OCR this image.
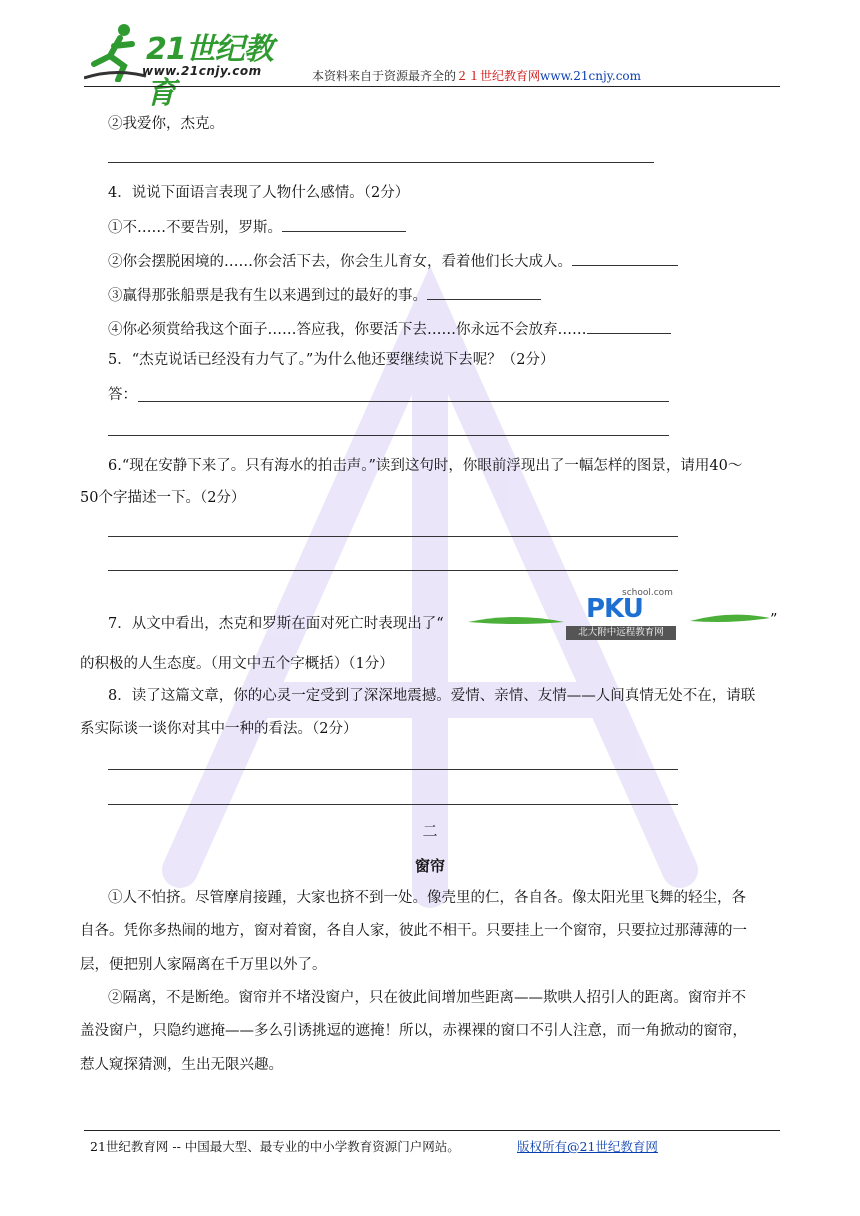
21世纪教育
www.21cnjy.com	本资料来自于资源最齐全的２１世纪教育网www.21cnjy.com
②我爱你，杰克。
4．说说下面语言表现了人物什么感情。（2分）
①不……不要告别，罗斯。
②你会摆脱困境的……你会活下去，你会生儿育女，看着他们长大成人。
③赢得那张船票是我有生以来遇到过的最好的事。
④你必须赏给我这个面子……答应我，你要活下去……你永远不会放弃……
5．“杰克说话已经没有力气了。”为什么他还要继续说下去呢？（2分）
答：
6.“现在安静下来了。只有海水的拍击声。”读到这句时，你眼前浮现出了一幅怎样的图景，请用40～
50个字描述一下。（2分）
7．从文中看出，杰克和罗斯在面对死亡时表现出了“
school.com
PKU
北大附中远程教育网
”
的积极的人生态度。（用文中五个字概括）（1分）
8．读了这篇文章，你的心灵一定受到了深深地震撼。爱情、亲情、友情——人间真情无处不在，请联
系实际谈一谈你对其中一种的看法。（2分）
二
窗帘
①人不怕挤。尽管摩肩接踵，大家也挤不到一处。像壳里的仁，各自各。像太阳光里飞舞的轻尘，各
自各。凭你多热闹的地方，窗对着窗，各自人家，彼此不相干。只要挂上一个窗帘，只要拉过那薄薄的一
层，便把别人家隔离在千万里以外了。
②隔离，不是断绝。窗帘并不堵没窗户，只在彼此间增加些距离——欺哄人招引人的距离。窗帘并不
盖没窗户，只隐约遮掩——多么引诱挑逗的遮掩！所以，赤裸裸的窗口不引人注意，而一角掀动的窗帘，
惹人窥探猜测，生出无限兴趣。
21世纪教育网 -- 中国最大型、最专业的中小学教育资源门户网站。	版权所有@21世纪教育网
